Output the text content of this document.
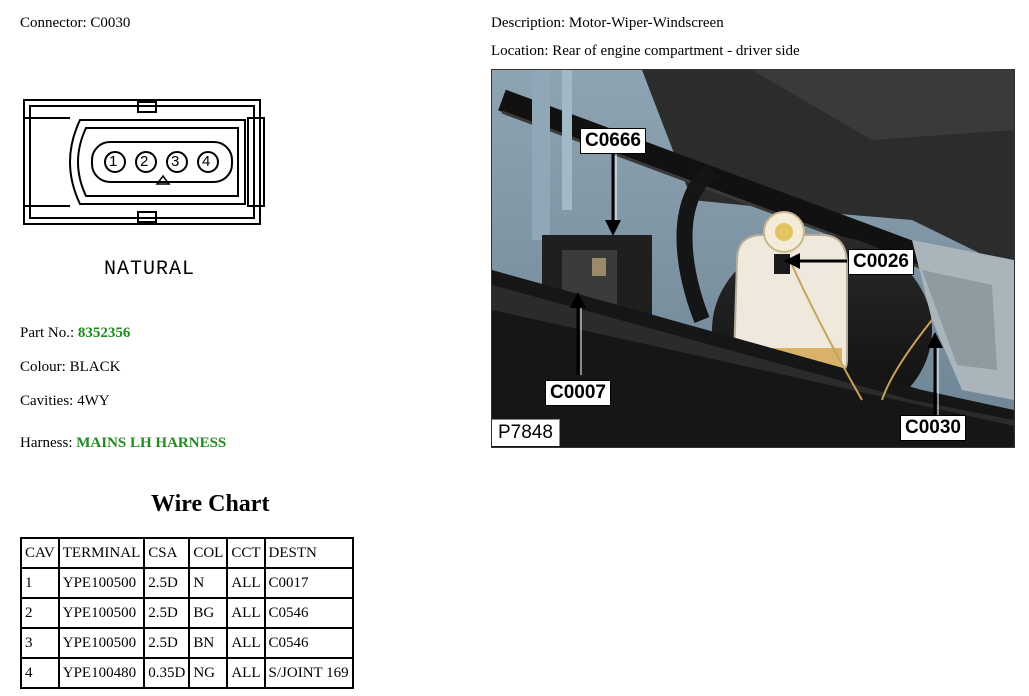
Connector: C0030	Description: Motor-Wiper-Windscreen
Location: Rear of engine compartment - driver side
1 2 3 4
NATURAL
Part No.: 8352356
Colour: BLACK
Cavities: 4WY
Harness: MAINS LH HARNESS
Wire Chart
CAV	TERMINAL	CSA	COL	CCT	DESTN
1	YPE100500	2.5D	N	ALL	C0017
2	YPE100500	2.5D	BG	ALL	C0546
3	YPE100500	2.5D	BN	ALL	C0546
4	YPE100480	0.35D	NG	ALL	S/JOINT 169
C0666
C0026
C0007
C0030
P7848
